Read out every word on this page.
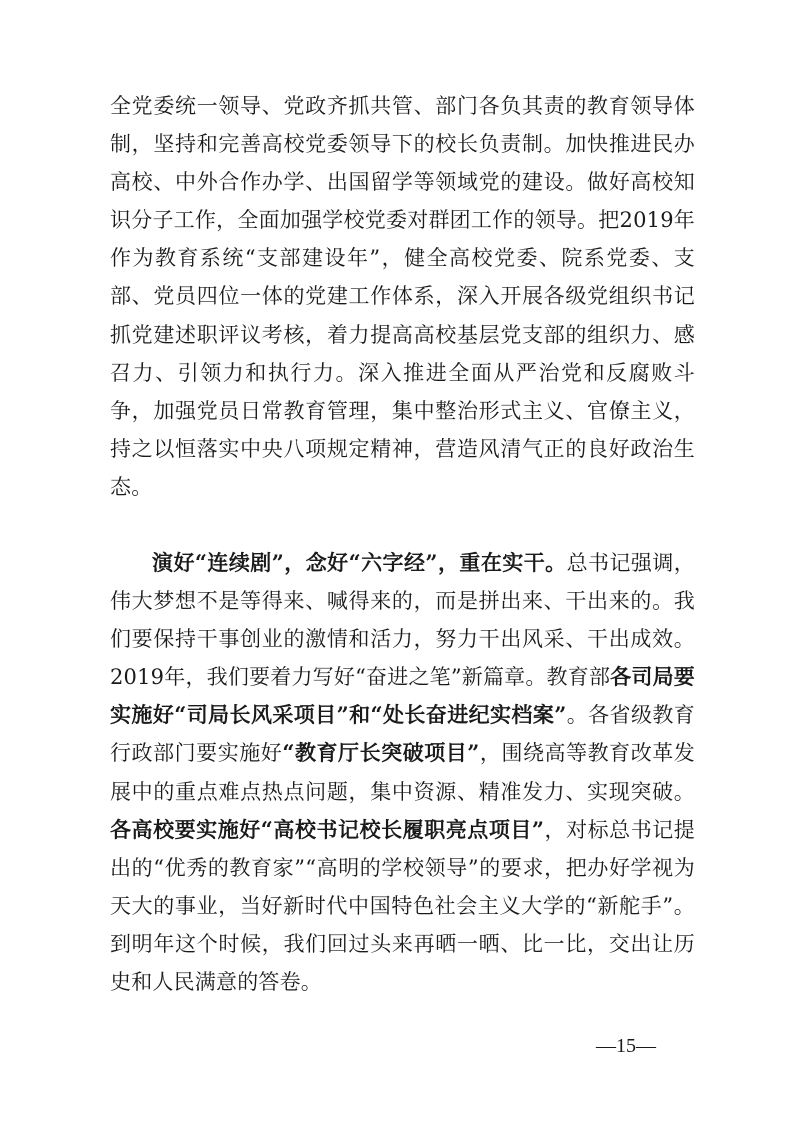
全党委统一领导、党政齐抓共管、部门各负其责的教育领导体制，坚持和完善高校党委领导下的校长负责制。加快推进民办高校、中外合作办学、出国留学等领域党的建设。做好高校知识分子工作，全面加强学校党委对群团工作的领导。把2019年作为教育系统“支部建设年”，健全高校党委、院系党委、支部、党员四位一体的党建工作体系，深入开展各级党组织书记抓党建述职评议考核，着力提高高校基层党支部的组织力、感召力、引领力和执行力。深入推进全面从严治党和反腐败斗争，加强党员日常教育管理，集中整治形式主义、官僚主义，持之以恒落实中央八项规定精神，营造风清气正的良好政治生态。

演好“连续剧”，念好“六字经”，重在实干。总书记强调，伟大梦想不是等得来、喊得来的，而是拼出来、干出来的。我们要保持干事创业的激情和活力，努力干出风采、干出成效。2019年，我们要着力写好“奋进之笔”新篇章。教育部各司局要实施好“司局长风采项目”和“处长奋进纪实档案”。各省级教育行政部门要实施好“教育厅长突破项目”，围绕高等教育改革发展中的重点难点热点问题，集中资源、精准发力、实现突破。各高校要实施好“高校书记校长履职亮点项目”，对标总书记提出的“优秀的教育家”“高明的学校领导”的要求，把办好学视为天大的事业，当好新时代中国特色社会主义大学的“新舵手”。到明年这个时候，我们回过头来再晒一晒、比一比，交出让历史和人民满意的答卷。

—15—
